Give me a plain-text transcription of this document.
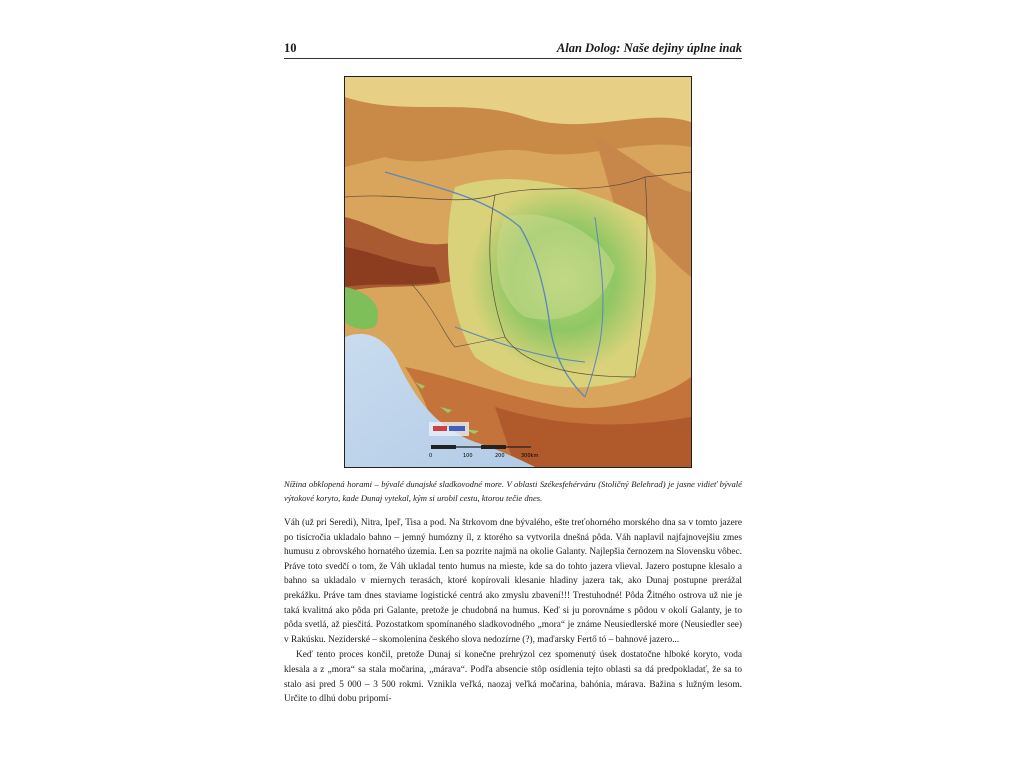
10	Alan Dolog: Naše dejiny úplne inak
0	100	200	300km
Nížina obklopená horami – bývalé dunajské sladkovodné more. V oblasti Székesfehérváru (Stoličný Belehrad) je jasne vidieť bývalé výtokové koryto, kade Dunaj vytekal, kým si urobil cestu, ktorou tečie dnes.

Váh (už pri Seredi), Nitra, Ipeľ, Tisa a pod. Na štrkovom dne bývalého, ešte treťohorného morského dna sa v tomto jazere po tisícročia ukladalo bahno – jemný humózny íl, z ktorého sa vytvorila dnešná pôda. Váh naplavil najfajnovejšiu zmes humusu z obrovského hornatého územia. Len sa pozrite najmä na okolie Galanty. Najlepšia černozem na Slovensku vôbec. Práve toto svedčí o tom, že Váh ukladal tento humus na mieste, kde sa do tohto jazera vlieval. Jazero postupne klesalo a bahno sa ukladalo v miernych terasách, ktoré kopírovali klesanie hladiny jazera tak, ako Dunaj postupne prerážal prekážku. Práve tam dnes staviame logistické centrá ako zmyslu zbavení!!! Trestuhodné! Pôda Žitného ostrova už nie je taká kvalitná ako pôda pri Galante, pretože je chudobná na humus. Keď si ju porovnáme s pôdou v okolí Galanty, je to pôda svetlá, až piesčitá. Pozostatkom spomínaného sladkovodného „mora“ je známe Neusiedlerské more (Neusiedler see) v Rakúsku. Neziderské – skomolenina českého slova nedozírne (?), maďarsky Fertő tó – bahnové jazero...

Keď tento proces končil, pretože Dunaj si konečne prehrýzol cez spomenutý úsek dostatočne hlboké koryto, voda klesala a z „mora“ sa stala močarina, „márava“. Podľa absencie stôp osídlenia tejto oblasti sa dá predpokladať, že sa to stalo asi pred 5 000 – 3 500 rokmi. Vznikla veľká, naozaj veľká močarina, bahónia, márava. Bažina s lužným lesom. Určite to dlhú dobu pripomí-
